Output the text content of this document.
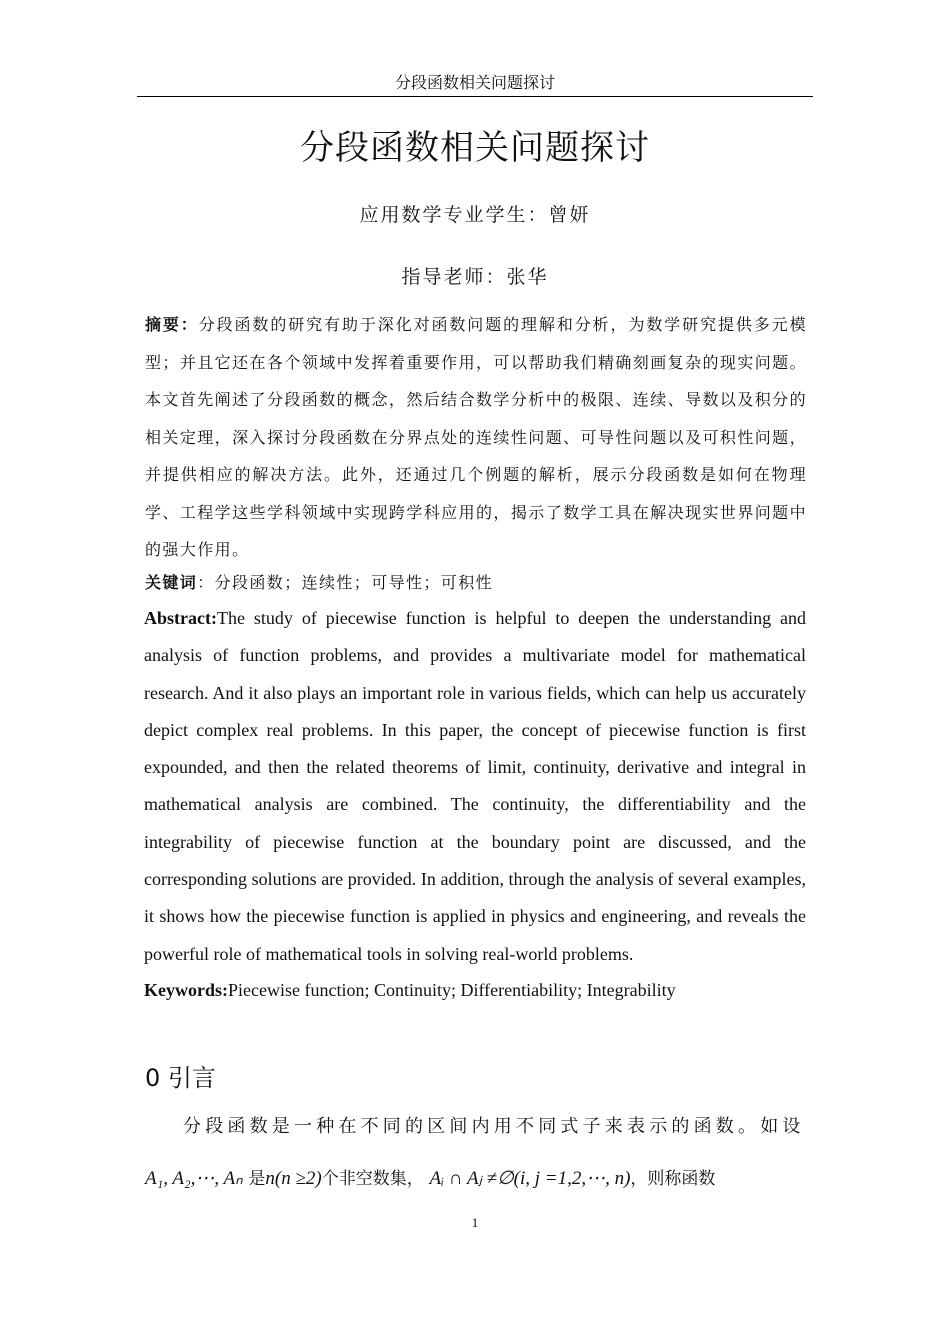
分段函数相关问题探讨
分段函数相关问题探讨
应用数学专业学生：曾妍
指导老师：张华
摘要：分段函数的研究有助于深化对函数问题的理解和分析，为数学研究提供多元模型；并且它还在各个领域中发挥着重要作用，可以帮助我们精确刻画复杂的现实问题。本文首先阐述了分段函数的概念，然后结合数学分析中的极限、连续、导数以及积分的相关定理，深入探讨分段函数在分界点处的连续性问题、可导性问题以及可积性问题，并提供相应的解决方法。此外，还通过几个例题的解析，展示分段函数是如何在物理学、工程学这些学科领域中实现跨学科应用的，揭示了数学工具在解决现实世界问题中的强大作用。
关键词：分段函数；连续性；可导性；可积性
Abstract:The study of piecewise function is helpful to deepen the understanding and analysis of function problems, and provides a multivariate model for mathematical research. And it also plays an important role in various fields, which can help us accurately depict complex real problems. In this paper, the concept of piecewise function is first expounded, and then the related theorems of limit, continuity, derivative and integral in mathematical analysis are combined. The continuity, the differentiability and the integrability of piecewise function at the boundary point are discussed, and the corresponding solutions are provided. In addition, through the analysis of several examples, it shows how the piecewise function is applied in physics and engineering, and reveals the powerful role of mathematical tools in solving real-world problems.
Keywords:Piecewise function; Continuity; Differentiability; Integrability
0 引言
分段函数是一种在不同的区间内用不同式子来表示的函数。如设
A₁, A₂,⋯, Aₙ 是n(n ≥2)个非空数集， Aᵢ ∩ Aⱼ ≠∅(i, j =1,2,⋯, n)，则称函数
1
